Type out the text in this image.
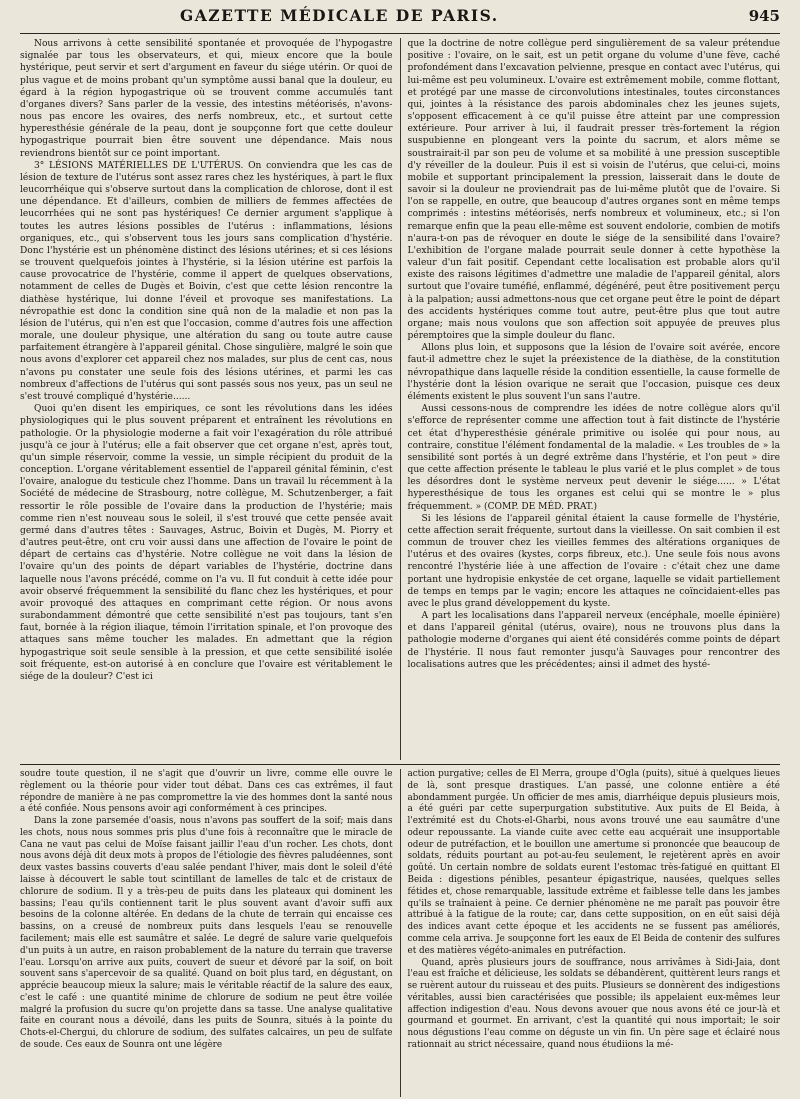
GAZETTE MÉDICALE DE PARIS.	945

Nous arrivons à cette sensibilité spontanée et provoquée de l'hypogastre signalée par tous les observateurs, et qui, mieux encore que la boule hystérique, peut servir et sert d'argument en faveur du siége utérin. Or quoi de plus vague et de moins probant qu'un symptôme aussi banal que la douleur, eu égard à la région hypogastrique où se trouvent comme accumulés tant d'organes divers? Sans parler de la vessie, des intestins météorisés, n'avons-nous pas encore les ovaires, des nerfs nombreux, etc., et surtout cette hyperesthésie générale de la peau, dont je soupçonne fort que cette douleur hypogastrique pourrait bien être souvent une dépendance. Mais nous reviendrons bientôt sur ce point important.

3° LÉSIONS MATÉRIELLES DE L'UTÉRUS. On conviendra que les cas de lésion de texture de l'utérus sont assez rares chez les hystériques, à part le flux leucorrhéique qui s'observe surtout dans la complication de chlorose, dont il est une dépendance. Et d'ailleurs, combien de milliers de femmes affectées de leucorrhées qui ne sont pas hystériques! Ce dernier argument s'applique à toutes les autres lésions possibles de l'utérus : inflammations, lésions organiques, etc., qui s'observent tous les jours sans complication d'hystérie. Donc l'hystérie est un phénomène distinct des lésions utérines; et si ces lésions se trouvent quelquefois jointes à l'hystérie, si la lésion utérine est parfois la cause provocatrice de l'hystérie, comme il appert de quelques observations, notamment de celles de Dugès et Boivin, c'est que cette lésion rencontre la diathèse hystérique, lui donne l'éveil et provoque ses manifestations. La névropathie est donc la condition sine quâ non de la maladie et non pas la lésion de l'utérus, qui n'en est que l'occasion, comme d'autres fois une affection morale, une douleur physique, une altération du sang ou toute autre cause parfaitement étrangère à l'appareil génital. Chose singulière, malgré le soin que nous avons d'explorer cet appareil chez nos malades, sur plus de cent cas, nous n'avons pu constater une seule fois des lésions utérines, et parmi les cas nombreux d'affections de l'utérus qui sont passés sous nos yeux, pas un seul ne s'est trouvé compliqué d'hystérie......

Quoi qu'en disent les empiriques, ce sont les révolutions dans les idées physiologiques qui le plus souvent préparent et entraînent les révolutions en pathologie. Or la physiologie moderne a fait voir l'exagération du rôle attribué jusqu'à ce jour à l'utérus; elle a fait observer que cet organe n'est, après tout, qu'un simple réservoir, comme la vessie, un simple récipient du produit de la conception. L'organe véritablement essentiel de l'appareil génital féminin, c'est l'ovaire, analogue du testicule chez l'homme. Dans un travail lu récemment à la Société de médecine de Strasbourg, notre collègue, M. Schutzenberger, a fait ressortir le rôle possible de l'ovaire dans la production de l'hystérie; mais comme rien n'est nouveau sous le soleil, il s'est trouvé que cette pensée avait germé dans d'autres têtes : Sauvages, Astruc, Boivin et Dugès, M. Piorry et d'autres peut-être, ont cru voir aussi dans une affection de l'ovaire le point de départ de certains cas d'hystérie. Notre collègue ne voit dans la lésion de l'ovaire qu'un des points de départ variables de l'hystérie, doctrine dans laquelle nous l'avons précédé, comme on l'a vu. Il fut conduit à cette idée pour avoir observé fréquemment la sensibilité du flanc chez les hystériques, et pour avoir provoqué des attaques en comprimant cette région. Or nous avons surabondamment démontré que cette sensibilité n'est pas toujours, tant s'en faut, bornée à la région iliaque, témoin l'irritation spinale, et l'on provoque des attaques sans même toucher les malades. En admettant que la région hypogastrique soit seule sensible à la pression, et que cette sensibilité isolée soit fréquente, est-on autorisé à en conclure que l'ovaire est véritablement le siége de la douleur? C'est ici

que la doctrine de notre collègue perd singulièrement de sa valeur prétendue positive : l'ovaire, on le sait, est un petit organe du volume d'une fève, caché profondément dans l'excavation pelvienne, presque en contact avec l'utérus, qui lui-même est peu volumineux. L'ovaire est extrêmement mobile, comme flottant, et protégé par une masse de circonvolutions intestinales, toutes circonstances qui, jointes à la résistance des parois abdominales chez les jeunes sujets, s'opposent efficacement à ce qu'il puisse être atteint par une compression extérieure. Pour arriver à lui, il faudrait presser très-fortement la région suspubienne en plongeant vers la pointe du sacrum, et alors même se soustrairait-il par son peu de volume et sa mobilité à une pression susceptible d'y réveiller de la douleur. Puis il est si voisin de l'utérus, que celui-ci, moins mobile et supportant principalement la pression, laisserait dans le doute de savoir si la douleur ne proviendrait pas de lui-même plutôt que de l'ovaire. Si l'on se rappelle, en outre, que beaucoup d'autres organes sont en même temps comprimés : intestins météorisés, nerfs nombreux et volumineux, etc.; si l'on remarque enfin que la peau elle-même est souvent endolorie, combien de motifs n'aura-t-on pas de révoquer en doute le siége de la sensibilité dans l'ovaire? L'exhibition de l'organe malade pourrait seule donner à cette hypothèse la valeur d'un fait positif. Cependant cette localisation est probable alors qu'il existe des raisons légitimes d'admettre une maladie de l'appareil génital, alors surtout que l'ovaire tuméfié, enflammé, dégénéré, peut être positivement perçu à la palpation; aussi admettons-nous que cet organe peut être le point de départ des accidents hystériques comme tout autre, peut-être plus que tout autre organe; mais nous voulons que son affection soit appuyée de preuves plus péremptoires que la simple douleur du flanc.

Allons plus loin, et supposons que la lésion de l'ovaire soit avérée, encore faut-il admettre chez le sujet la préexistence de la diathèse, de la constitution névropathique dans laquelle réside la condition essentielle, la cause formelle de l'hystérie dont la lésion ovarique ne serait que l'occasion, puisque ces deux éléments existent le plus souvent l'un sans l'autre.

Aussi cessons-nous de comprendre les idées de notre collègue alors qu'il s'efforce de représenter comme une affection tout à fait distincte de l'hystérie cet état d'hyperesthésie générale primitive ou isolée qui pour nous, au contraire, constitue l'élément fondamental de la maladie. « Les troubles de » la sensibilité sont portés à un degré extrême dans l'hystérie, et l'on peut » dire que cette affection présente le tableau le plus varié et le plus complet » de tous les désordres dont le système nerveux peut devenir le siége...... » L'état hyperesthésique de tous les organes est celui qui se montre le » plus fréquemment. » (COMP. DE MÉD. PRAT.)

Si les lésions de l'appareil génital étaient la cause formelle de l'hystérie, cette affection serait fréquente, surtout dans la vieillesse. On sait combien il est commun de trouver chez les vieilles femmes des altérations organiques de l'utérus et des ovaires (kystes, corps fibreux, etc.). Une seule fois nous avons rencontré l'hystérie liée à une affection de l'ovaire : c'était chez une dame portant une hydropisie enkystée de cet organe, laquelle se vidait partiellement de temps en temps par le vagin; encore les attaques ne coïncidaient-elles pas avec le plus grand développement du kyste.

A part les localisations dans l'appareil nerveux (encéphale, moelle épinière) et dans l'appareil génital (utérus, ovaire), nous ne trouvons plus dans la pathologie moderne d'organes qui aient été considérés comme points de départ de l'hystérie. Il nous faut remonter jusqu'à Sauvages pour rencontrer des localisations autres que les précédentes; ainsi il admet des hysté-

soudre toute question, il ne s'agit que d'ouvrir un livre, comme elle ouvre le règlement ou la théorie pour vider tout débat. Dans ces cas extrêmes, il faut répondre de manière à ne pas compromettre la vie des hommes dont la santé nous a été confiée. Nous pensons avoir agi conformément à ces principes.

Dans la zone parsemée d'oasis, nous n'avons pas souffert de la soif; mais dans les chots, nous nous sommes pris plus d'une fois à reconnaître que le miracle de Cana ne vaut pas celui de Moïse faisant jaillir l'eau d'un rocher. Les chots, dont nous avons déjà dit deux mots à propos de l'étiologie des fièvres paludéennes, sont deux vastes bassins couverts d'eau salée pendant l'hiver, mais dont le soleil d'été laisse à découvert le sable tout scintillant de lamelles de talc et de cristaux de chlorure de sodium. Il y a très-peu de puits dans les plateaux qui dominent les bassins; l'eau qu'ils contiennent tarit le plus souvent avant d'avoir suffi aux besoins de la colonne altérée. En dedans de la chute de terrain qui encaisse ces bassins, on a creusé de nombreux puits dans lesquels l'eau se renouvelle facilement; mais elle est saumâtre et salée. Le degré de salure varie quelquefois d'un puits à un autre, en raison probablement de la nature du terrain que traverse l'eau. Lorsqu'on arrive aux puits, couvert de sueur et dévoré par la soif, on boit souvent sans s'apercevoir de sa qualité. Quand on boit plus tard, en dégustant, on apprécie beaucoup mieux la salure; mais le véritable réactif de la salure des eaux, c'est le café : une quantité minime de chlorure de sodium ne peut être voilée malgré la profusion du sucre qu'on projette dans sa tasse. Une analyse qualitative faite en courant nous a dévoilé, dans les puits de Sounra, situés à la pointe du Chots-el-Chergui, du chlorure de sodium, des sulfates calcaires, un peu de sulfate de soude. Ces eaux de Sounra ont une légère

action purgative; celles de El Merra, groupe d'Ogla (puits), situé à quelques lieues de là, sont presque drastiques. L'an passé, une colonne entière a été abondamment purgée. Un officier de mes amis, diarrhéique depuis plusieurs mois, a été guéri par cette superpurgation substitutive. Aux puits de El Beida, à l'extrémité est du Chots-el-Gharbi, nous avons trouvé une eau saumâtre d'une odeur repoussante. La viande cuite avec cette eau acquérait une insupportable odeur de putréfaction, et le bouillon une amertume si prononcée que beaucoup de soldats, réduits pourtant au pot-au-feu seulement, le rejetèrent après en avoir goûté. Un certain nombre de soldats eurent l'estomac très-fatigué en quittant El Beida : digestions pénibles, pesanteur épigastrique, nausées, quelques selles fétides et, chose remarquable, lassitude extrême et faiblesse telle dans les jambes qu'ils se traînaient à peine. Ce dernier phénomène ne me paraît pas pouvoir être attribué à la fatigue de la route; car, dans cette supposition, on en eût saisi déjà des indices avant cette époque et les accidents ne se fussent pas améliorés, comme cela arriva. Je soupçonne fort les eaux de El Beida de contenir des sulfures et des matières végéto-animales en putréfaction.

Quand, après plusieurs jours de souffrance, nous arrivâmes à Sidi-Jaia, dont l'eau est fraîche et délicieuse, les soldats se débandèrent, quittèrent leurs rangs et se ruèrent autour du ruisseau et des puits. Plusieurs se donnèrent des indigestions véritables, aussi bien caractérisées que possible; ils appelaient eux-mêmes leur affection indigestion d'eau. Nous devons avouer que nous avons été ce jour-là et gourmand et gourmet. En arrivant, c'est la quantité qui nous importait; le soir nous dégustions l'eau comme on déguste un vin fin. Un père sage et éclairé nous rationnait au strict nécessaire, quand nous étudiions la mé-
